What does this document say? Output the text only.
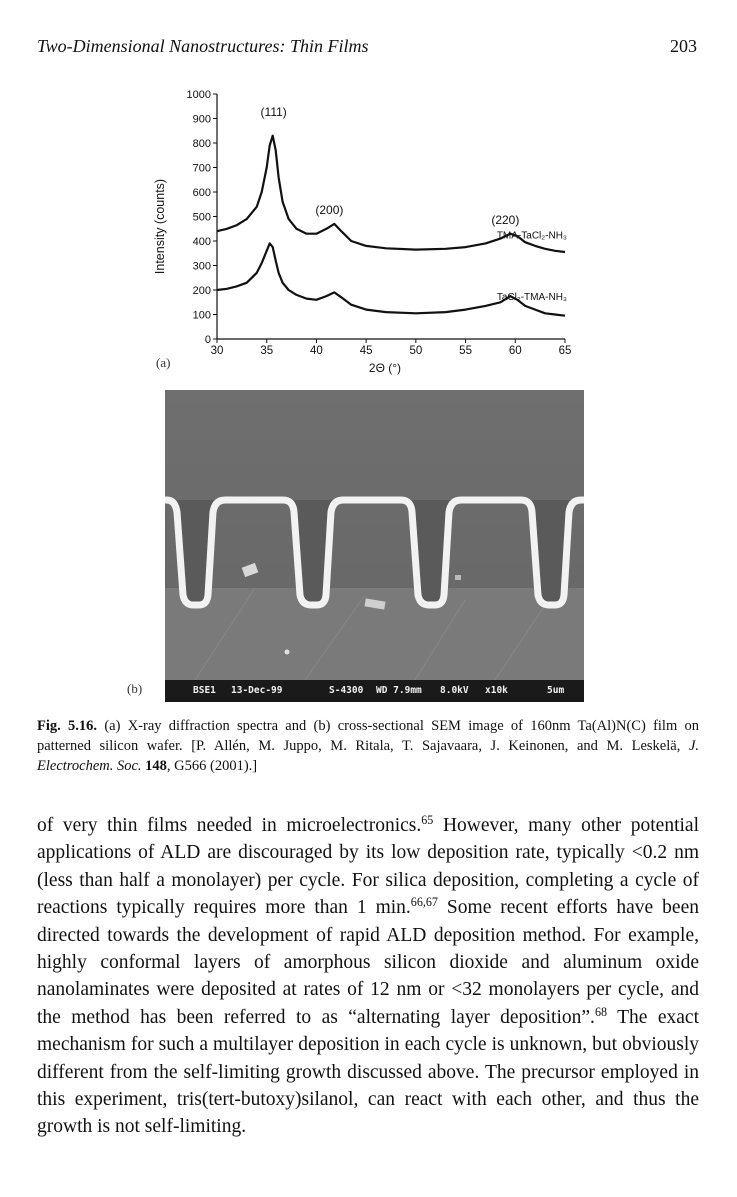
Two-Dimensional Nanostructures: Thin Films	203
(a)
0
100
200
300
400
500
600
700
800
900
1000
30	35	40	45	50	55	60	65
2Θ (°)
Intensity (counts)
(111)
(200)
(220)
TMA-TaCl₂-NH₃
TaCl₂-TMA-NH₃
(b)	BSE1 13-Dec-99	S-4300 WD 7.9mm 8.0kV x10k	5um
Fig. 5.16. (a) X-ray diffraction spectra and (b) cross-sectional SEM image of 160nm Ta(Al)N(C) film on patterned silicon wafer. [P. Allén, M. Juppo, M. Ritala, T. Sajavaara, J. Keinonen, and M. Leskelä, J. Electrochem. Soc. 148, G566 (2001).]

of very thin films needed in microelectronics.$^{65}$ However, many other potential applications of ALD are discouraged by its low deposition rate, typically <0.2 nm (less than half a monolayer) per cycle. For silica deposition, completing a cycle of reactions typically requires more than 1 min.$^{66,67}$ Some recent efforts have been directed towards the development of rapid ALD deposition method. For example, highly conformal layers of amorphous silicon dioxide and aluminum oxide nanolaminates were deposited at rates of 12 nm or <32 monolayers per cycle, and the method has been referred to as “alternating layer deposition”.$^{68}$ The exact mechanism for such a multilayer deposition in each cycle is unknown, but obviously different from the self-limiting growth discussed above. The precursor employed in this experiment, tris(tert-butoxy)silanol, can react with each other, and thus the growth is not self-limiting.
